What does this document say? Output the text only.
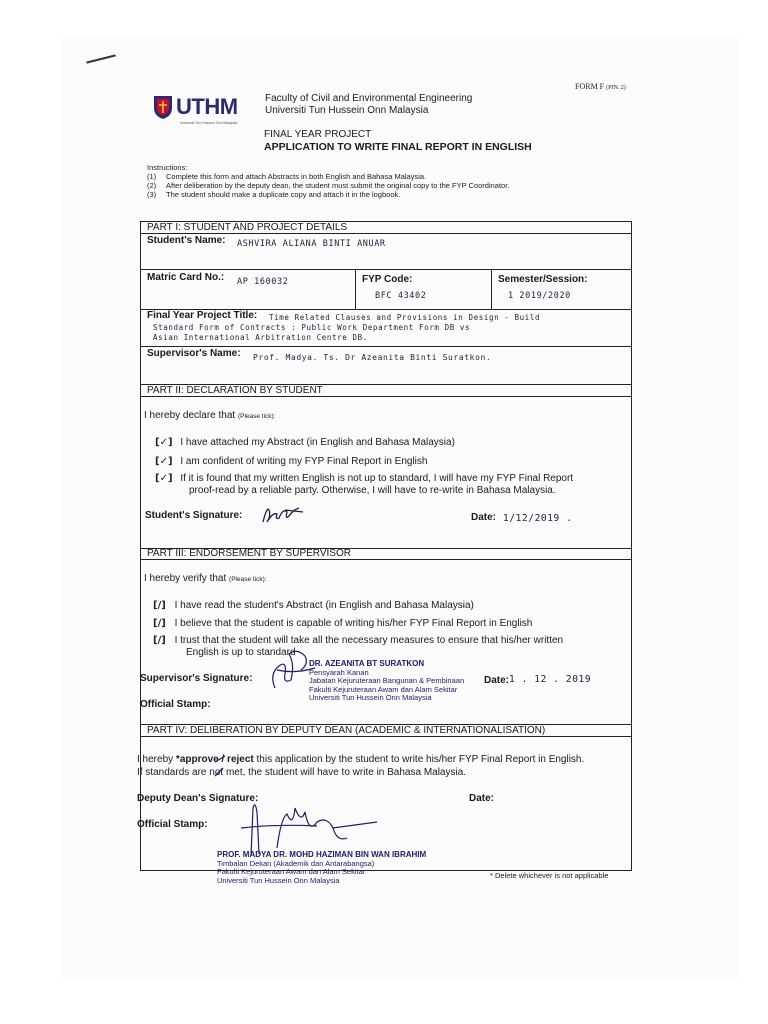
FORM F (PIN. 2)
UTHM
Universiti Tun Hussein Onn Malaysia
Faculty of Civil and Environmental Engineering
Universiti Tun Hussein Onn Malaysia
FINAL YEAR PROJECT
APPLICATION TO WRITE FINAL REPORT IN ENGLISH
Instructions:
(1)	Complete this form and attach Abstracts in both English and Bahasa Malaysia.
(2)	After deliberation by the deputy dean, the student must submit the original copy to the FYP Coordinator.
(3)	The student should make a duplicate copy and attach it in the logbook.
PART I: STUDENT AND PROJECT DETAILS
Student's Name: ASHVIRA ALIANA BINTI ANUAR
Matric Card No.: AP 160032	FYP Code:
BFC 43402
Semester/Session:
1 2019/2020
Final Year Project Title: Time Related Clauses and Provisions in Design - Build
Standard Form of Contracts : Public Work Department Form DB vs
Asian International Arbitration Centre DB.
Supervisor's Name: Prof. Madya. Ts. Dr Azeanita Binti Suratkon.
PART II: DECLARATION BY STUDENT
I hereby declare that (Please tick):
[✓] I have attached my Abstract (in English and Bahasa Malaysia)
[✓] I am confident of writing my FYP Final Report in English
[✓] If it is found that my written English is not up to standard, I will have my FYP Final Report
proof-read by a reliable party. Otherwise, I will have to re-write in Bahasa Malaysia.
Student's Signature:	Date: 1/12/2019 .
PART III: ENDORSEMENT BY SUPERVISOR
I hereby verify that (Please tick):
[/] I have read the student's Abstract (in English and Bahasa Malaysia)
[/] I believe that the student is capable of writing his/her FYP Final Report in English
[/] I trust that the student will take all the necessary measures to ensure that his/her written
English is up to standard
Supervisor's Signature:
DR. AZEANITA BT SURATKON
Pensyarah Kanan
Jabatan Kejuruteraan Bangunan & Pembinaan
Fakulti Kejuruteraan Awam dan Alam Sekitar
Universiti Tun Hussein Onn Malaysia
Date: 1 . 12 . 2019
Official Stamp:
PART IV: DELIBERATION BY DEPUTY DEAN (ACADEMIC & INTERNATIONALISATION)
I hereby *approve / reject this application by the student to write his/her FYP Final Report in English.
If standards are not met, the student will have to write in Bahasa Malaysia.
Deputy Dean's Signature:	Date:
Official Stamp:
PROF. MADYA DR. MOHD HAZIMAN BIN WAN IBRAHIM
Timbalan Dekan (Akademik dan Antarabangsa)
Fakulti Kejuruteraan Awam dan Alam Sekitar
Universiti Tun Hussein Onn Malaysia
* Delete whichever is not applicable
